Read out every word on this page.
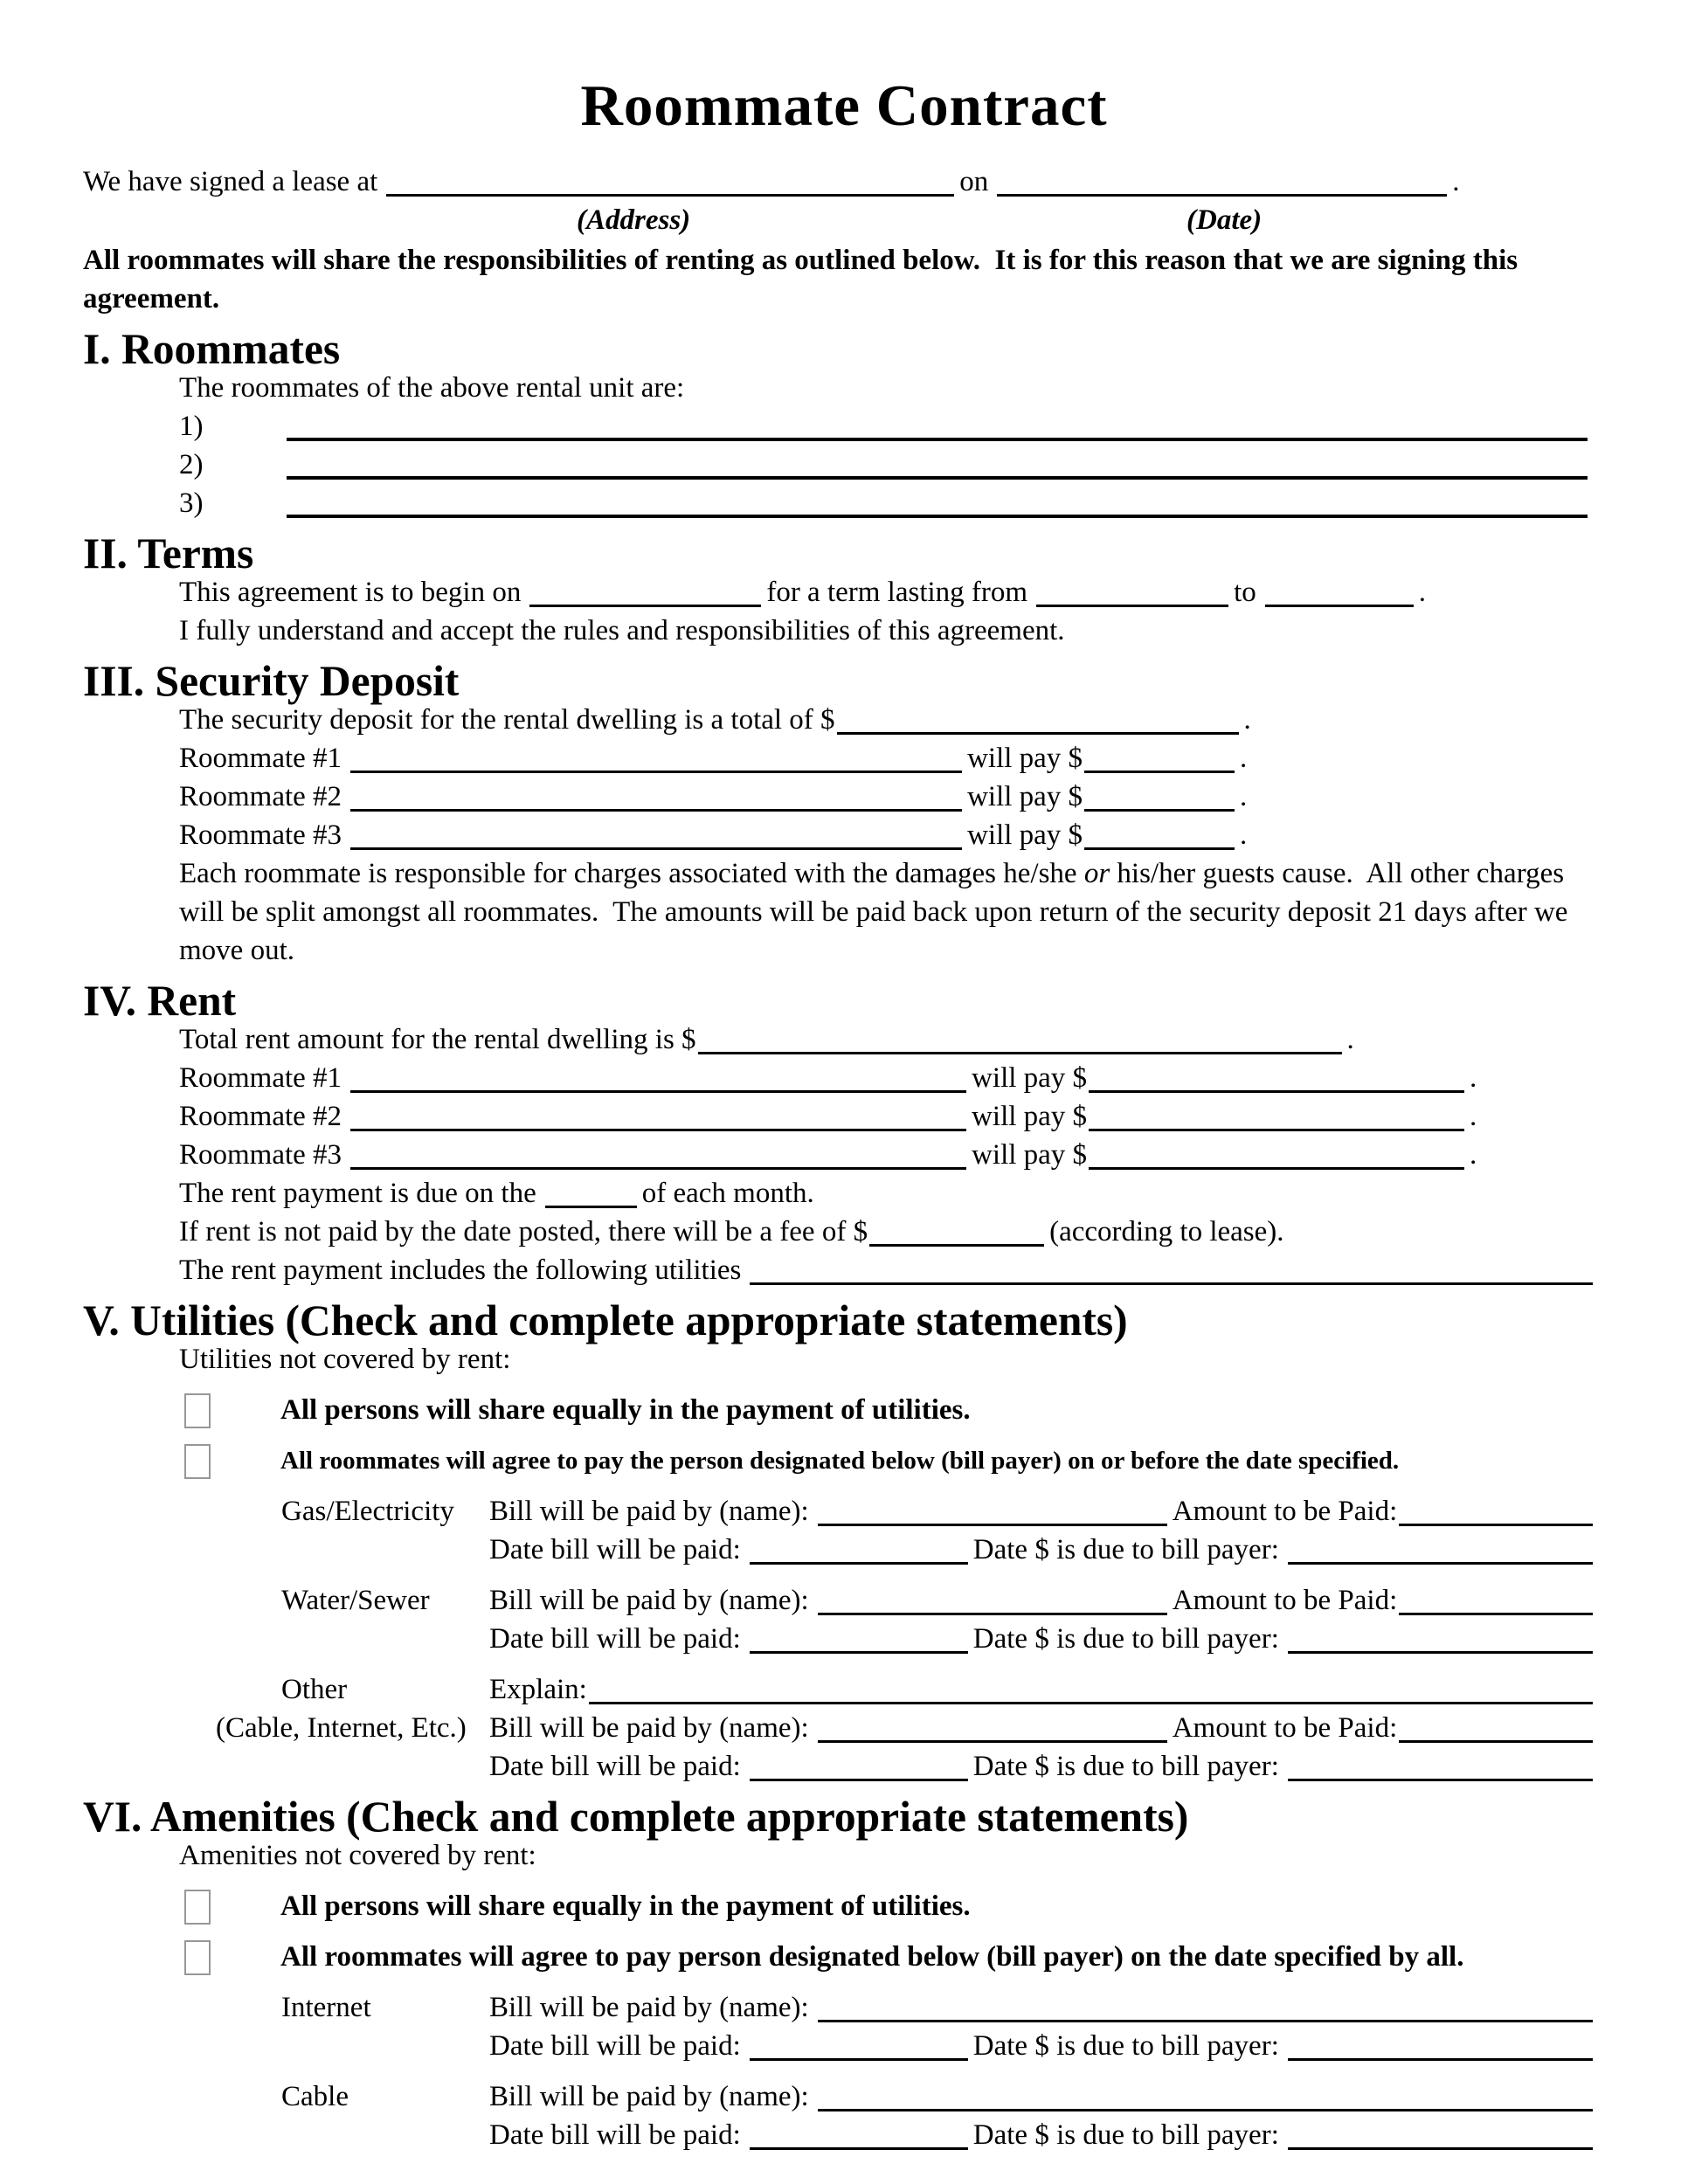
Roommate Contract
We have signed a lease at	on	.
(Address)	(Date)

All roommates will share the responsibilities of renting as outlined below.  It is for this reason that we are signing this agreement.

I. Roommates
The roommates of the above rental unit are:
1)
2)
3)
II. Terms
This agreement is to begin on	for a term lasting from	to	.
I fully understand and accept the rules and responsibilities of this agreement.
III. Security Deposit
The security deposit for the rental dwelling is a total of $	.
Roommate #1	will pay $	.
Roommate #2	will pay $	.
Roommate #3	will pay $	.

Each roommate is responsible for charges associated with the damages he/she or his/her guests cause.  All other charges will be split amongst all roommates.  The amounts will be paid back upon return of the security deposit 21 days after we move out.

IV. Rent
Total rent amount for the rental dwelling is $	.
Roommate #1	will pay $	.
Roommate #2	will pay $	.
Roommate #3	will pay $	.
The rent payment is due on the	of each month.
If rent is not paid by the date posted, there will be a fee of $	(according to lease).
The rent payment includes the following utilities
V. Utilities (Check and complete appropriate statements)
Utilities not covered by rent:
All persons will share equally in the payment of utilities.
All roommates will agree to pay the person designated below (bill payer) on or before the date specified.
Gas/Electricity	Bill will be paid by (name):	Amount to be Paid:
Date bill will be paid:	Date $ is due to bill payer:
Water/Sewer	Bill will be paid by (name):	Amount to be Paid:
Date bill will be paid:	Date $ is due to bill payer:
Other	Explain:
(Cable, Internet, Etc.) Bill will be paid by (name):	Amount to be Paid:
Date bill will be paid:	Date $ is due to bill payer:
VI. Amenities (Check and complete appropriate statements)
Amenities not covered by rent:
All persons will share equally in the payment of utilities.
All roommates will agree to pay person designated below (bill payer) on the date specified by all.
Internet	Bill will be paid by (name):
Date bill will be paid:	Date $ is due to bill payer:
Cable	Bill will be paid by (name):
Date bill will be paid:	Date $ is due to bill payer:
